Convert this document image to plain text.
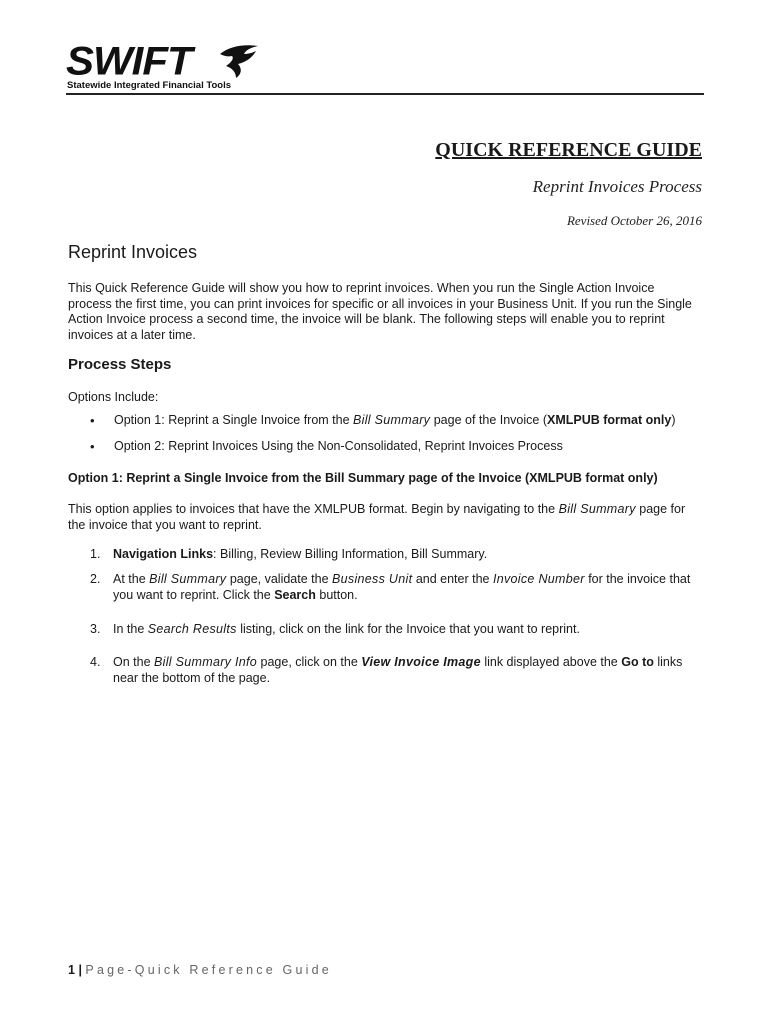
SWIFT
Statewide Integrated Financial Tools
QUICK REFERENCE GUIDE
Reprint Invoices Process
Revised October 26, 2016
Reprint Invoices

This Quick Reference Guide will show you how to reprint invoices. When you run the Single Action Invoice process the first time, you can print invoices for specific or all invoices in your Business Unit. If you run the Single Action Invoice process a second time, the invoice will be blank. The following steps will enable you to reprint invoices at a later time.

Process Steps
Options Include:
• Option 1: Reprint a Single Invoice from the Bill Summary page of the Invoice (XMLPUB format only)
• Option 2: Reprint Invoices Using the Non-Consolidated, Reprint Invoices Process
Option 1: Reprint a Single Invoice from the Bill Summary page of the Invoice (XMLPUB format only)

This option applies to invoices that have the XMLPUB format. Begin by navigating to the Bill Summary page for the invoice that you want to reprint.

1. Navigation Links: Billing, Review Billing Information, Bill Summary.
2. At the Bill Summary page, validate the Business Unit and enter the Invoice Number for the invoice that you want to reprint. Click the Search button.
3. In the Search Results listing, click on the link for the Invoice that you want to reprint.
4. On the Bill Summary Info page, click on the View Invoice Image link displayed above the Go to links near the bottom of the page.
1 | Page-Quick Reference Guide
